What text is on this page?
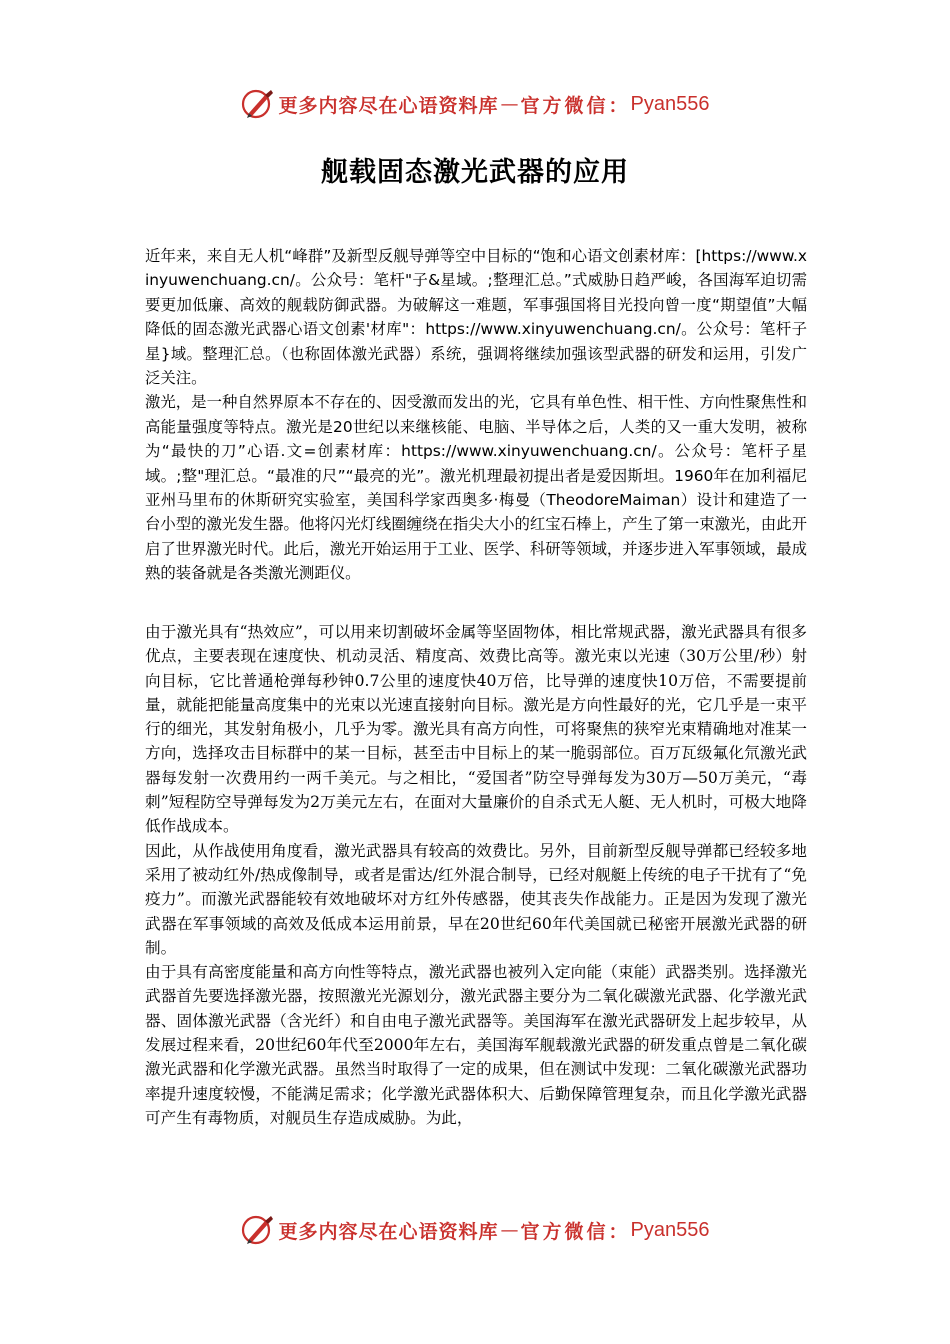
更多内容尽在心语资料库 — 官方微信： Pyan556
舰载固态激光武器的应用

近年来，来自无人机“峰群”及新型反舰导弹等空中目标的“饱和心语文创素材库：[https://www.xinyuwenchuang.cn/。公众号：笔杆"子&星域。;整理汇总。”式威胁日趋严峻，各国海军迫切需要更加低廉、高效的舰载防御武器。为破解这一难题，军事强国将目光投向曾一度“期望值”大幅降低的固态激光武器心语文创素'材库"：https://www.xinyuwenchuang.cn/。公众号：笔杆子星}域。整理汇总。（也称固体激光武器）系统，强调将继续加强该型武器的研发和运用，引发广泛关注。

激光，是一种自然界原本不存在的、因受激而发出的光，它具有单色性、相干性、方向性聚焦性和高能量强度等特点。激光是20世纪以来继核能、电脑、半导体之后，人类的又一重大发明，被称为“最快的刀”心语.文=创素材库：https://www.xinyuwenchuang.cn/。公众号：笔杆子星域。;整"理汇总。“最准的尺”“最亮的光”。激光机理最初提出者是爱因斯坦。1960年在加利福尼亚州马里布的休斯研究实验室，美国科学家西奥多·梅曼（TheodoreMaiman）设计和建造了一台小型的激光发生器。他将闪光灯线圈缠绕在指尖大小的红宝石棒上，产生了第一束激光，由此开启了世界激光时代。此后，激光开始运用于工业、医学、科研等领域，并逐步进入军事领域，最成熟的装备就是各类激光测距仪。

由于激光具有“热效应”，可以用来切割破坏金属等坚固物体，相比常规武器，激光武器具有很多优点，主要表现在速度快、机动灵活、精度高、效费比高等。激光束以光速（30万公里/秒）射向目标，它比普通枪弹每秒钟0.7公里的速度快40万倍，比导弹的速度快10万倍，不需要提前量，就能把能量高度集中的光束以光速直接射向目标。激光是方向性最好的光，它几乎是一束平行的细光，其发射角极小，几乎为零。激光具有高方向性，可将聚焦的狭窄光束精确地对准某一方向，选择攻击目标群中的某一目标，甚至击中目标上的某一脆弱部位。百万瓦级氟化氘激光武器每发射一次费用约一两千美元。与之相比，“爱国者”防空导弹每发为30万—50万美元，“毒刺”短程防空导弹每发为2万美元左右，在面对大量廉价的自杀式无人艇、无人机时，可极大地降低作战成本。

因此，从作战使用角度看，激光武器具有较高的效费比。另外，目前新型反舰导弹都已经较多地采用了被动红外/热成像制导，或者是雷达/红外混合制导，已经对舰艇上传统的电子干扰有了“免疫力”。而激光武器能较有效地破坏对方红外传感器，使其丧失作战能力。正是因为发现了激光武器在军事领域的高效及低成本运用前景，早在20世纪60年代美国就已秘密开展激光武器的研制。

由于具有高密度能量和高方向性等特点，激光武器也被列入定向能（束能）武器类别。选择激光武器首先要选择激光器，按照激光光源划分，激光武器主要分为二氧化碳激光武器、化学激光武器、固体激光武器（含光纤）和自由电子激光武器等。美国海军在激光武器研发上起步较早，从发展过程来看，20世纪60年代至2000年左右，美国海军舰载激光武器的研发重点曾是二氧化碳激光武器和化学激光武器。虽然当时取得了一定的成果，但在测试中发现：二氧化碳激光武器功率提升速度较慢，不能满足需求；化学激光武器体积大、后勤保障管理复杂，而且化学激光武器可产生有毒物质，对舰员生存造成威胁。为此，

更多内容尽在心语资料库 — 官方微信： Pyan556
